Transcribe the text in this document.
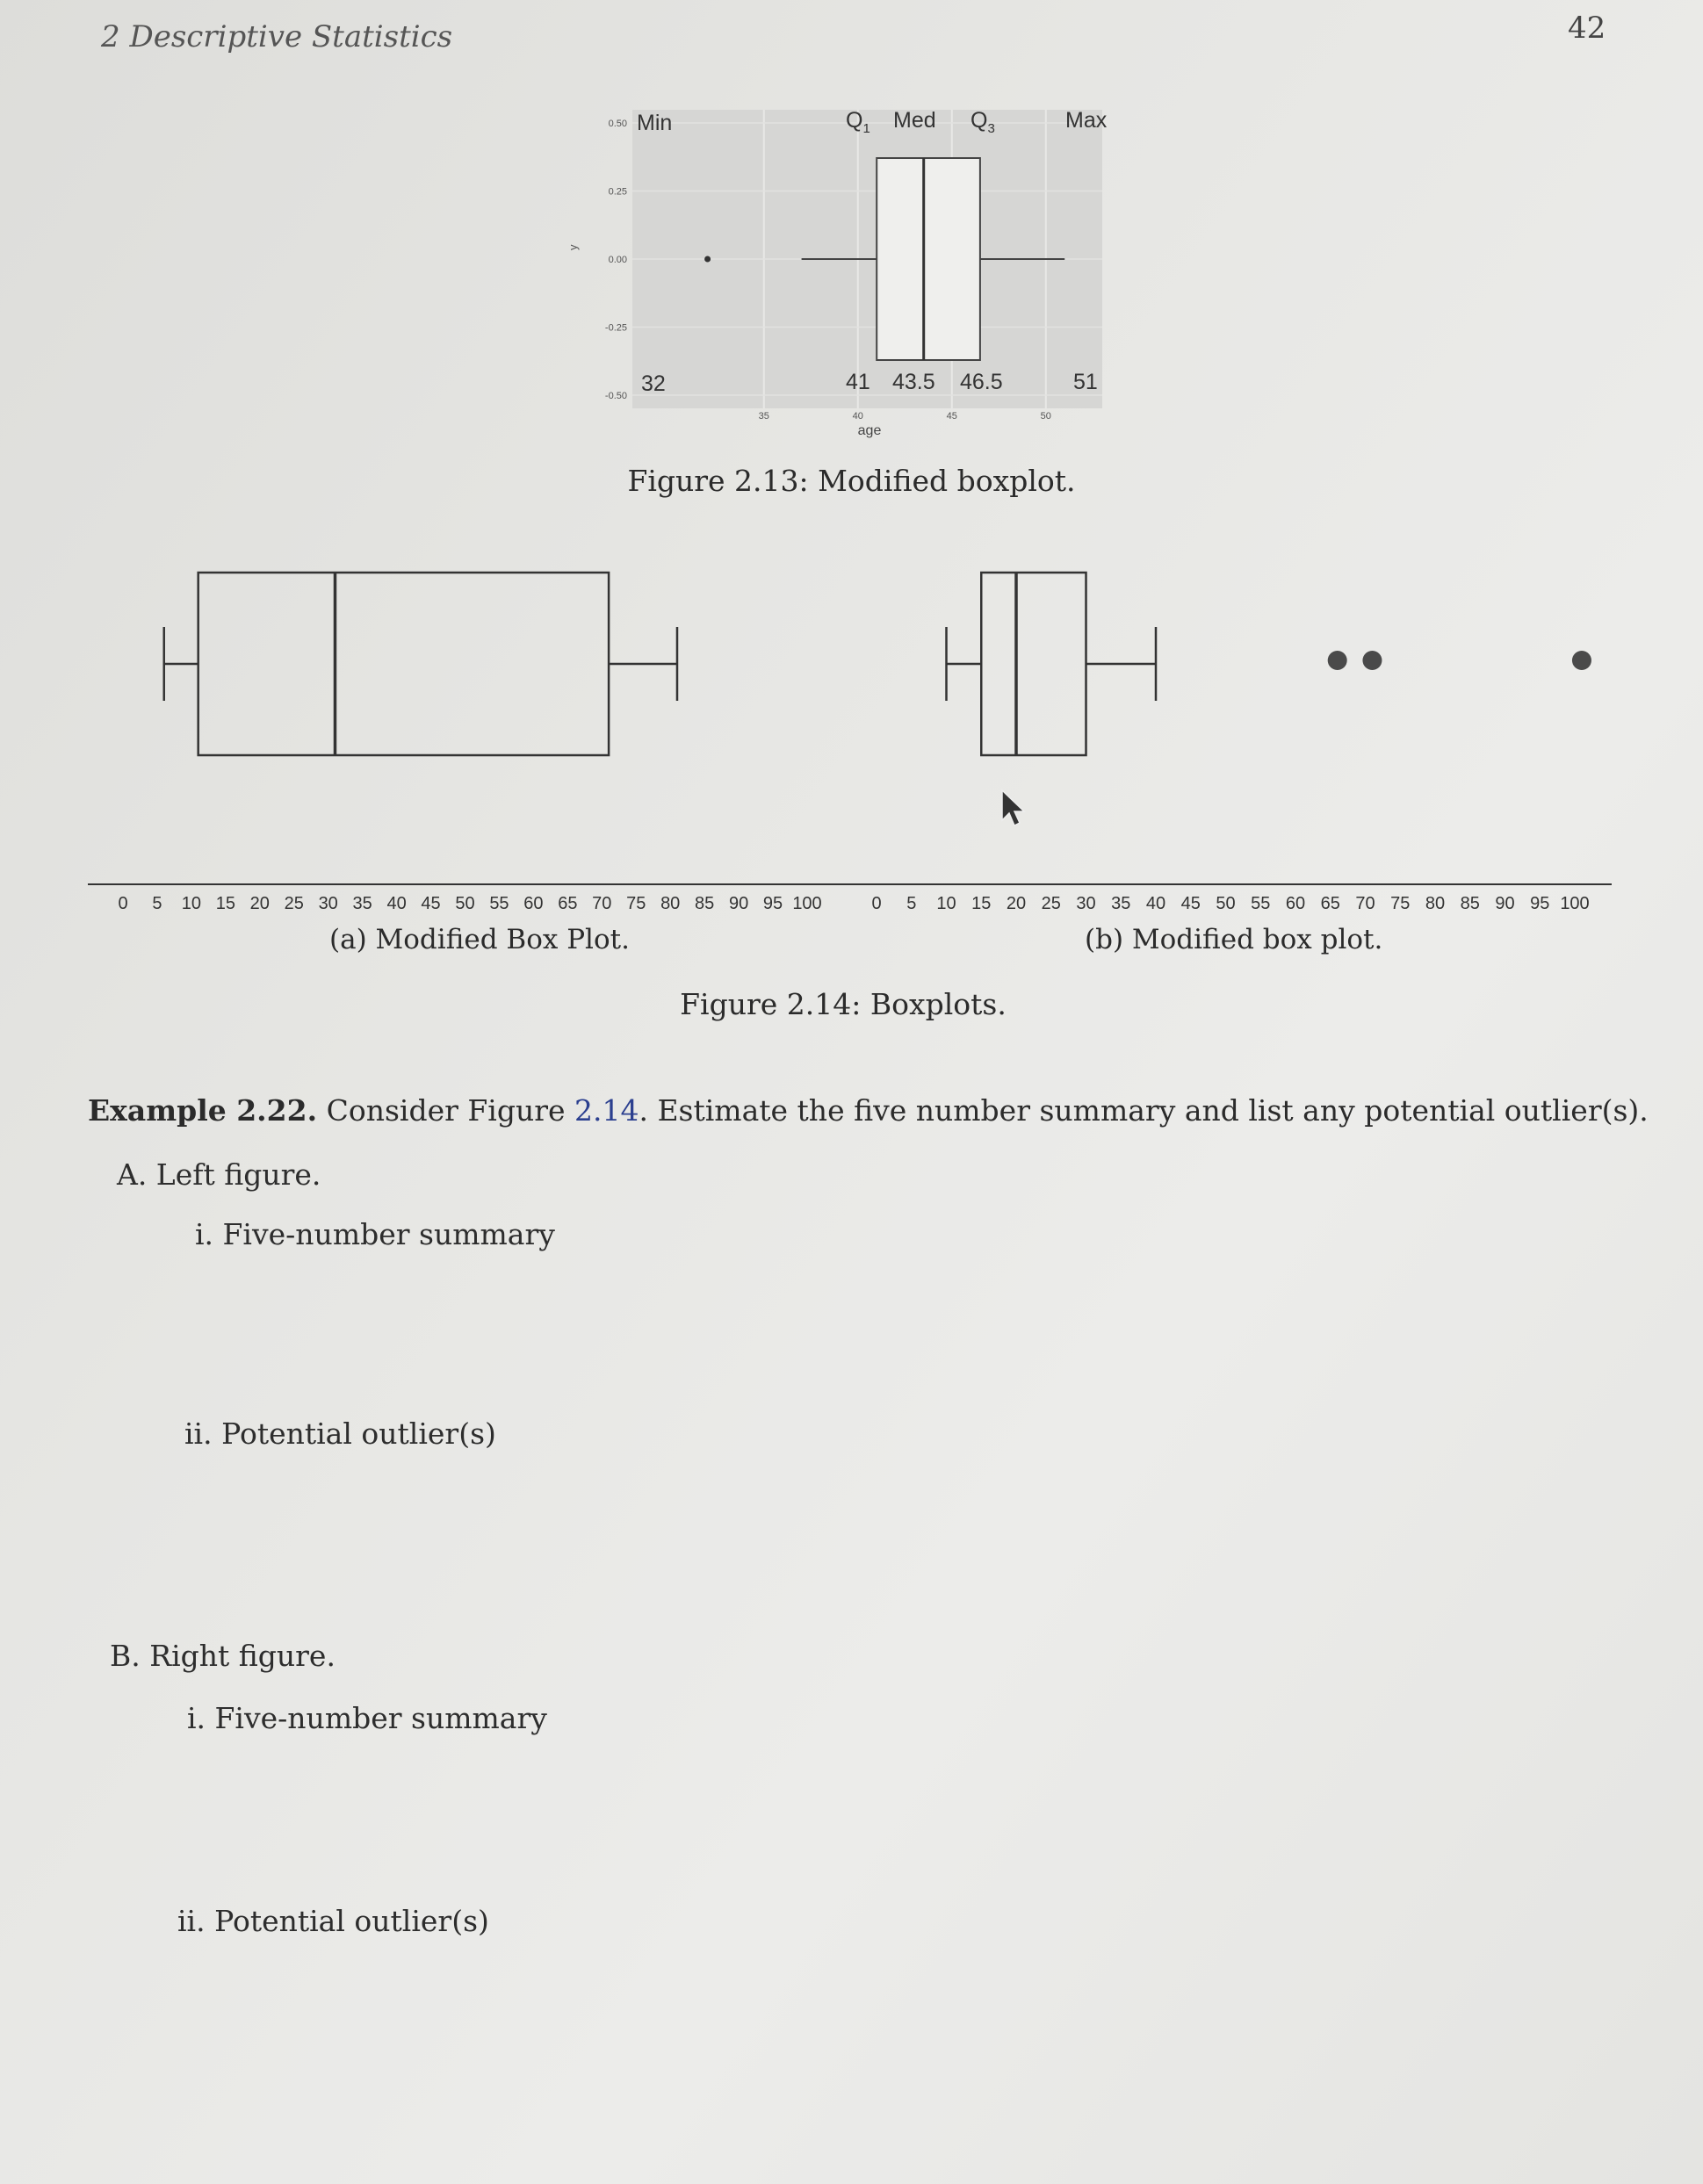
2 Descriptive Statistics	42
0.50
0.25
0.00
-0.25
-0.50
35	40	45	50
y
age
Min	$Q_1$ Med $Q_3$	Max
32	41 43.5 46.5	51
Figure 2.13: Modified boxplot.
0 5 10 15 20 25 30 35 40 45 50 55 60 65 70 75 80 85 90 95 100	0 5 10 15 20 25 30 35 40 45 50 55 60 65 70 75 80 85 90 95 100
(a) Modified Box Plot.	(b) Modified box plot.
Figure 2.14: Boxplots.
Example 2.22. Consider Figure 2.14. Estimate the five number summary and list any potential outlier(s).
A. Left figure.
i. Five-number summary
ii. Potential outlier(s)
B. Right figure.
i. Five-number summary
ii. Potential outlier(s)
